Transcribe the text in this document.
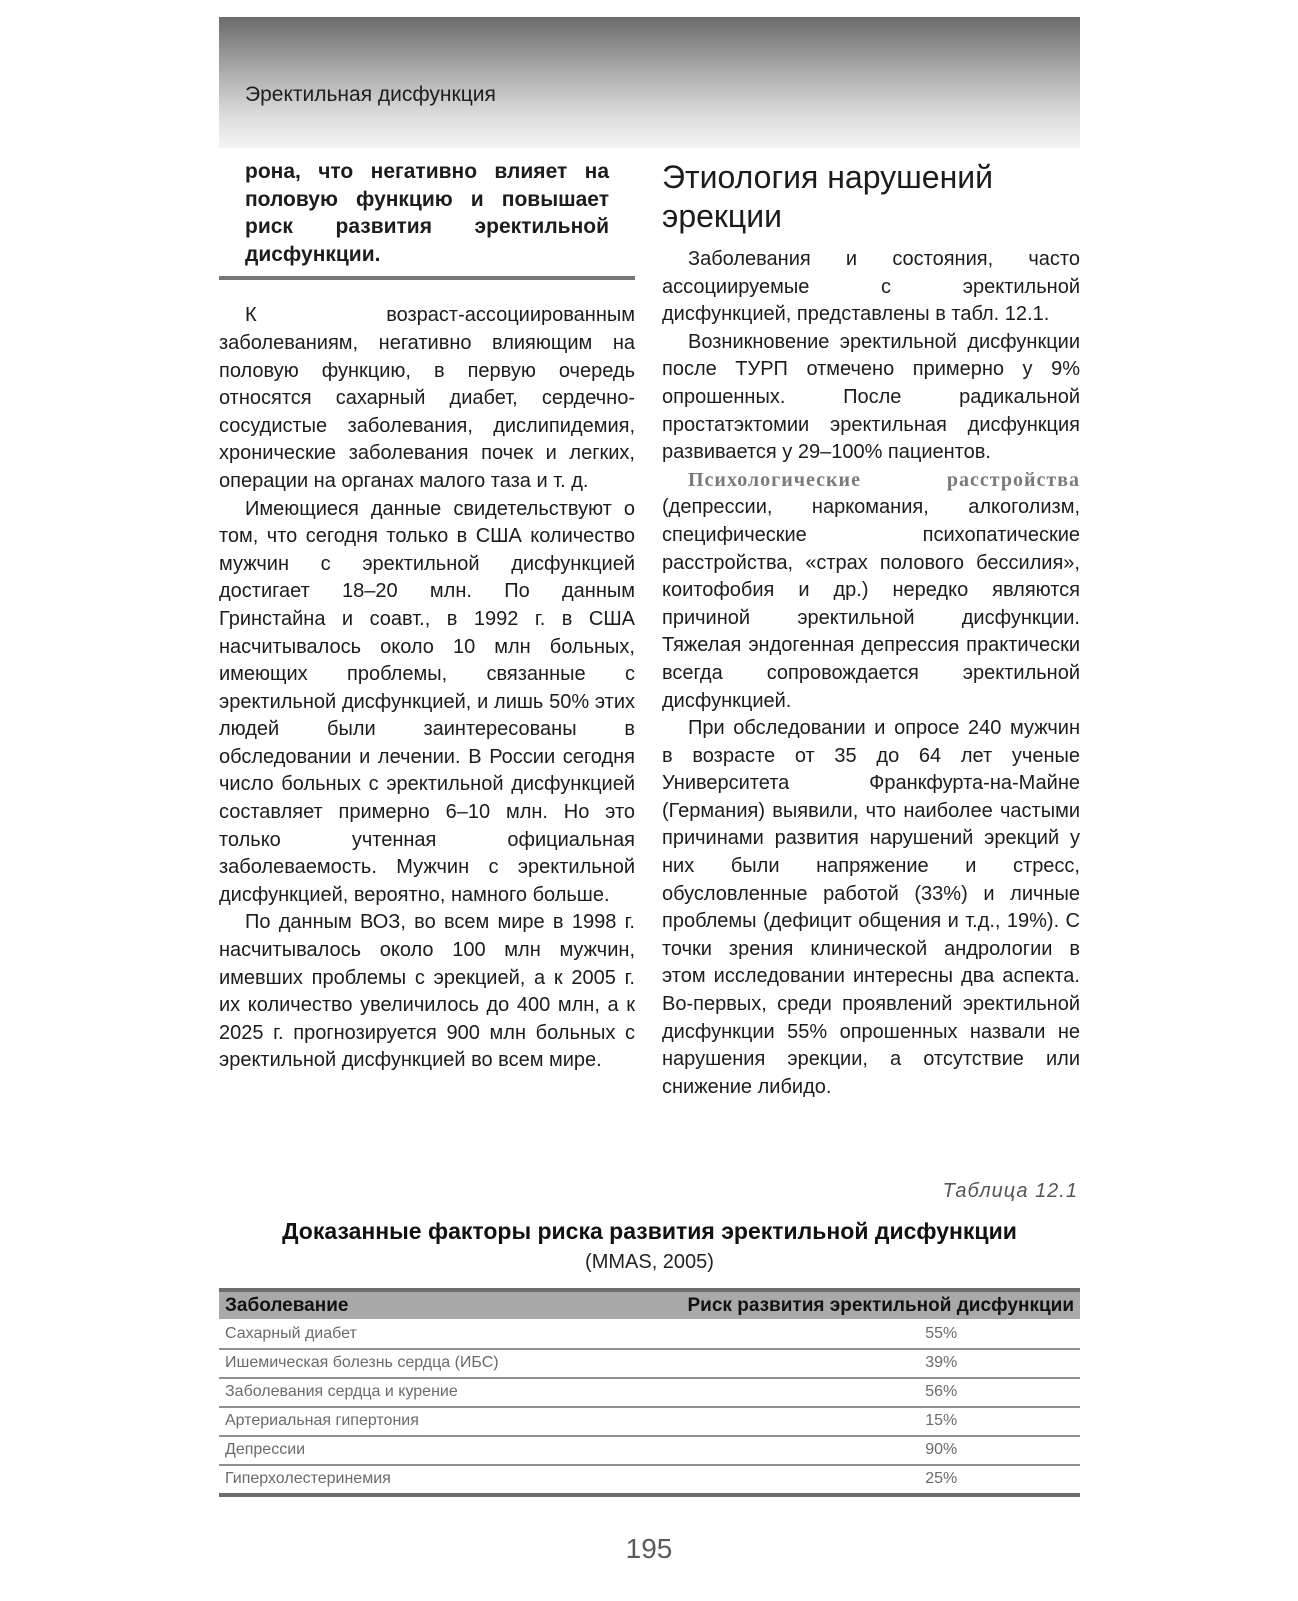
Эректильная дисфункция
рона, что негативно влияет на половую функцию и повышает риск развития эректильной дисфункции.

К возраст-ассоциированным заболеваниям, негативно влияющим на половую функцию, в первую очередь относятся сахарный диабет, сердечно-сосудистые заболевания, дислипидемия, хронические заболевания почек и легких, операции на органах малого таза и т. д.

Имеющиеся данные свидетельствуют о том, что сегодня только в США количество мужчин с эректильной дисфункцией достигает 18–20 млн. По данным Гринстайна и соавт., в 1992 г. в США насчитывалось около 10 млн больных, имеющих проблемы, связанные с эректильной дисфункцией, и лишь 50% этих людей были заинтересованы в обследовании и лечении. В России сегодня число больных с эректильной дисфункцией составляет примерно 6–10 млн. Но это только учтенная официальная заболеваемость. Мужчин с эректильной дисфункцией, вероятно, намного больше.

По данным ВОЗ, во всем мире в 1998 г. насчитывалось около 100 млн мужчин, имевших проблемы с эрекцией, а к 2005 г. их количество увеличилось до 400 млн, а к 2025 г. прогнозируется 900 млн больных с эректильной дисфункцией во всем мире.

Этиология нарушений эрекции

Заболевания и состояния, часто ассоциируемые с эректильной дисфункцией, представлены в табл. 12.1.

Возникновение эректильной дисфункции после ТУРП отмечено примерно у 9% опрошенных. После радикальной простатэктомии эректильная дисфункция развивается у 29–100% пациентов.

Психологические расстройства (депрессии, наркомания, алкоголизм, специфические психопатические расстройства, «страх полового бессилия», коитофобия и др.) нередко являются причиной эректильной дисфункции. Тяжелая эндогенная депрессия практически всегда сопровождается эректильной дисфункцией.

При обследовании и опросе 240 мужчин в возрасте от 35 до 64 лет ученые Университета Франкфурта-на-Майне (Германия) выявили, что наиболее частыми причинами развития нарушений эрекций у них были напряжение и стресс, обусловленные работой (33%) и личные проблемы (дефицит общения и т.д., 19%). С точки зрения клинической андрологии в этом исследовании интересны два аспекта. Во-первых, среди проявлений эректильной дисфункции 55% опрошенных назвали не нарушения эрекции, а отсутствие или снижение либидо.

Таблица 12.1
Доказанные факторы риска развития эректильной дисфункции
(MMAS, 2005)
Заболевание	Риск развития эректильной дисфункции
Сахарный диабет	55%
Ишемическая болезнь сердца (ИБС)	39%
Заболевания сердца и курение	56%
Артериальная гипертония	15%
Депрессии	90%
Гиперхолестеринемия	25%
195
